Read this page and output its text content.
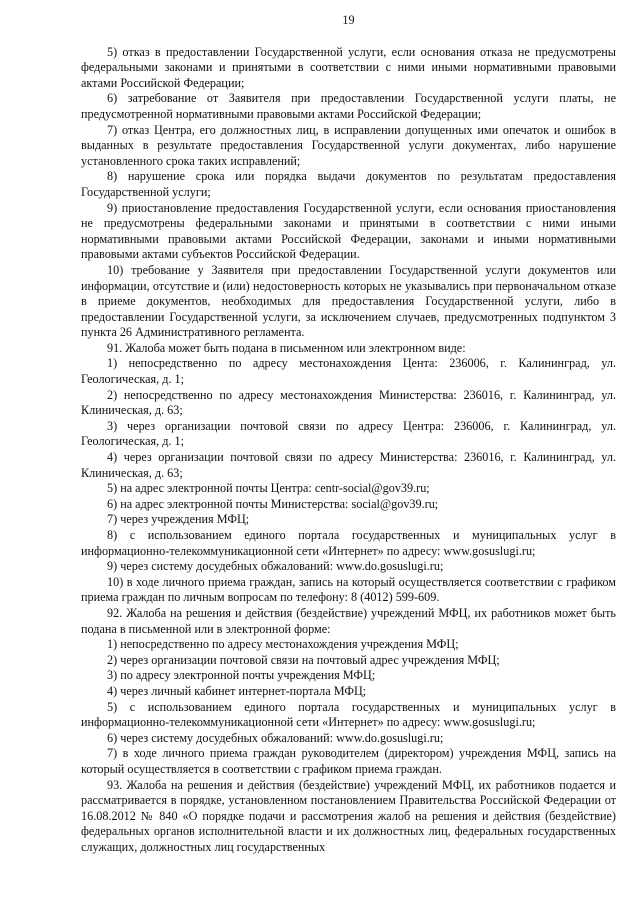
19

5) отказ в предоставлении Государственной услуги, если основания отказа не предусмотрены федеральными законами и принятыми в соответствии с ними иными нормативными правовыми актами Российской Федерации;

6) затребование от Заявителя при предоставлении Государственной услуги платы, не предусмотренной нормативными правовыми актами Российской Федерации;

7) отказ Центра, его должностных лиц, в исправлении допущенных ими опечаток и ошибок в выданных в результате предоставления Государственной услуги документах, либо нарушение установленного срока таких исправлений;

8) нарушение срока или порядка выдачи документов по результатам предоставления Государственной услуги;

9) приостановление предоставления Государственной услуги, если основания приостановления не предусмотрены федеральными законами и принятыми в соответствии с ними иными нормативными правовыми актами Российской Федерации, законами и иными нормативными правовыми актами субъектов Российской Федерации.

10) требование у Заявителя при предоставлении Государственной услуги документов или информации, отсутствие и (или) недостоверность которых не указывались при первоначальном отказе в приеме документов, необходимых для предоставления Государственной услуги, либо в предоставлении Государственной услуги, за исключением случаев, предусмотренных подпунктом 3 пункта 26 Административного регламента.

91. Жалоба может быть подана в письменном или электронном виде:

1) непосредственно по адресу местонахождения Цента: 236006, г. Калининград, ул. Геологическая, д. 1;

2) непосредственно по адресу местонахождения Министерства: 236016, г. Калининград, ул. Клиническая, д. 63;

3) через организации почтовой связи по адресу Центра: 236006, г. Калининград, ул. Геологическая, д. 1;

4) через организации почтовой связи по адресу Министерства: 236016, г. Калининград, ул. Клиническая, д. 63;

5) на адрес электронной почты Центра: centr-social@gov39.ru;

6) на адрес электронной почты Министерства: social@gov39.ru;

7) через учреждения МФЦ;

8) с использованием единого портала государственных и муниципальных услуг в информационно-телекоммуникационной сети «Интернет» по адресу: www.gosuslugi.ru;

9) через систему досудебных обжалований: www.do.gosuslugi.ru;

10) в ходе личного приема граждан, запись на который осуществляется соответствии с графиком приема граждан по личным вопросам по телефону: 8 (4012) 599-609.

92. Жалоба на решения и действия (бездействие) учреждений МФЦ, их работников может быть подана в письменной или в электронной форме:

1) непосредственно по адресу местонахождения учреждения МФЦ;

2) через организации почтовой связи на почтовый адрес учреждения МФЦ;

3) по адресу электронной почты учреждения МФЦ;

4) через личный кабинет интернет-портала МФЦ;

5) с использованием единого портала государственных и муниципальных услуг в информационно-телекоммуникационной сети «Интернет» по адресу: www.gosuslugi.ru;

6) через систему досудебных обжалований: www.do.gosuslugi.ru;

7) в ходе личного приема граждан руководителем (директором) учреждения МФЦ, запись на который осуществляется в соответствии с графиком приема граждан.

93. Жалоба на решения и действия (бездействие) учреждений МФЦ, их работников подается и рассматривается в порядке, установленном постановлением Правительства Российской Федерации от 16.08.2012 № 840 «О порядке подачи и рассмотрения жалоб на решения и действия (бездействие) федеральных органов исполнительной власти и их должностных лиц, федеральных государственных служащих, должностных лиц государственных
